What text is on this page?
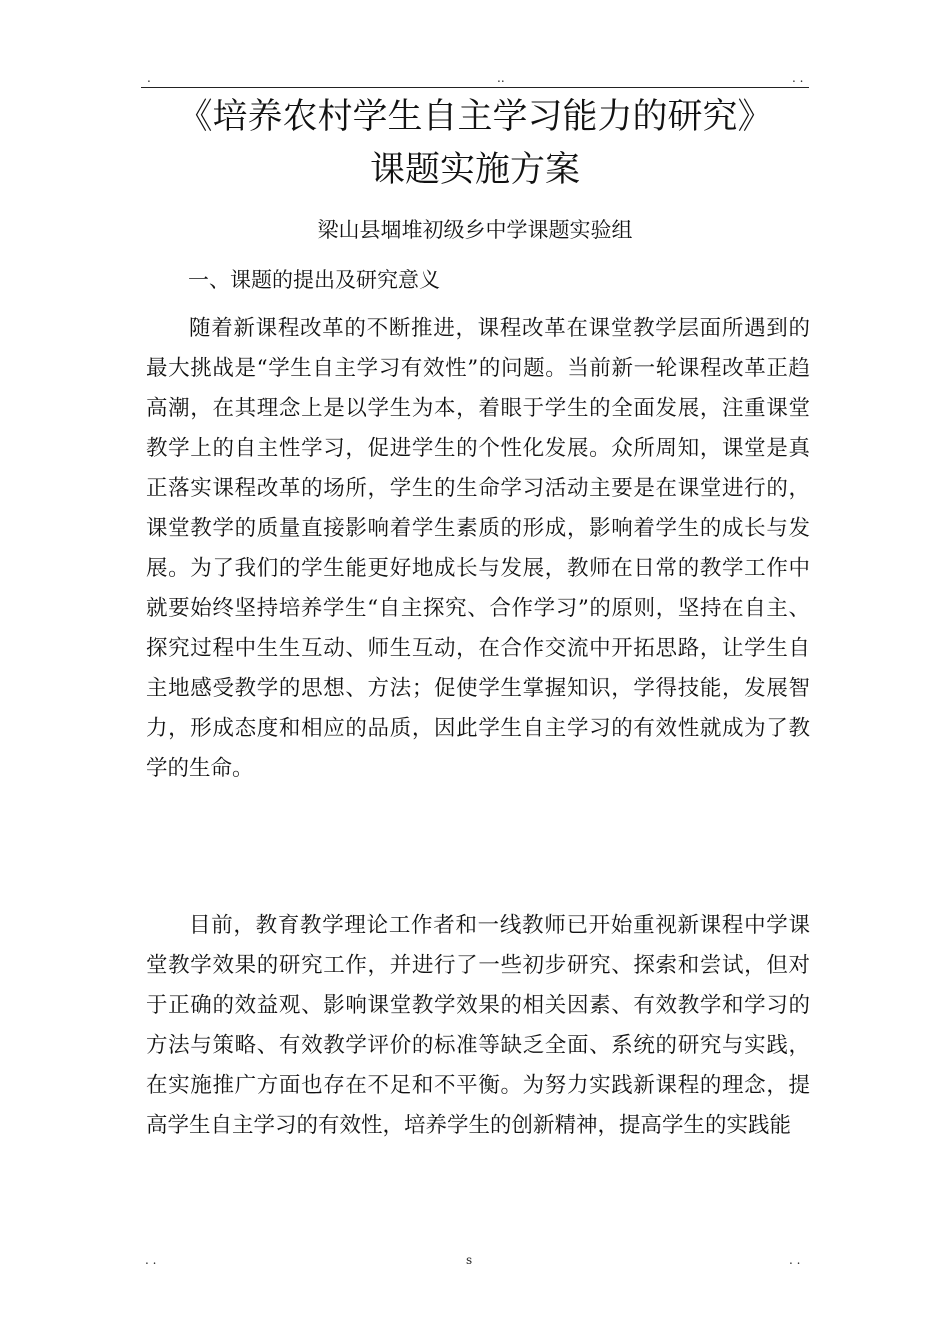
.	..	. .
《培养农村学生自主学习能力的研究》
课题实施方案
梁山县堌堆初级乡中学课题实验组
一、课题的提出及研究意义

随着新课程改革的不断推进，课程改革在课堂教学层面所遇到的最大挑战是“学生自主学习有效性”的问题。当前新一轮课程改革正趋高潮，在其理念上是以学生为本，着眼于学生的全面发展，注重课堂教学上的自主性学习，促进学生的个性化发展。众所周知，课堂是真正落实课程改革的场所，学生的生命学习活动主要是在课堂进行的，课堂教学的质量直接影响着学生素质的形成，影响着学生的成长与发展。为了我们的学生能更好地成长与发展，教师在日常的教学工作中就要始终坚持培养学生“自主探究、合作学习”的原则，坚持在自主、探究过程中生生互动、师生互动，在合作交流中开拓思路，让学生自主地感受教学的思想、方法；促使学生掌握知识，学得技能，发展智力，形成态度和相应的品质，因此学生自主学习的有效性就成为了教学的生命。

目前，教育教学理论工作者和一线教师已开始重视新课程中学课堂教学效果的研究工作，并进行了一些初步研究、探索和尝试，但对于正确的效益观、影响课堂教学效果的相关因素、有效教学和学习的方法与策略、有效教学评价的标准等缺乏全面、系统的研究与实践，在实施推广方面也存在不足和不平衡。为努力实践新课程的理念，提高学生自主学习的有效性，培养学生的创新精神，提高学生的实践能

. .	s	. .
